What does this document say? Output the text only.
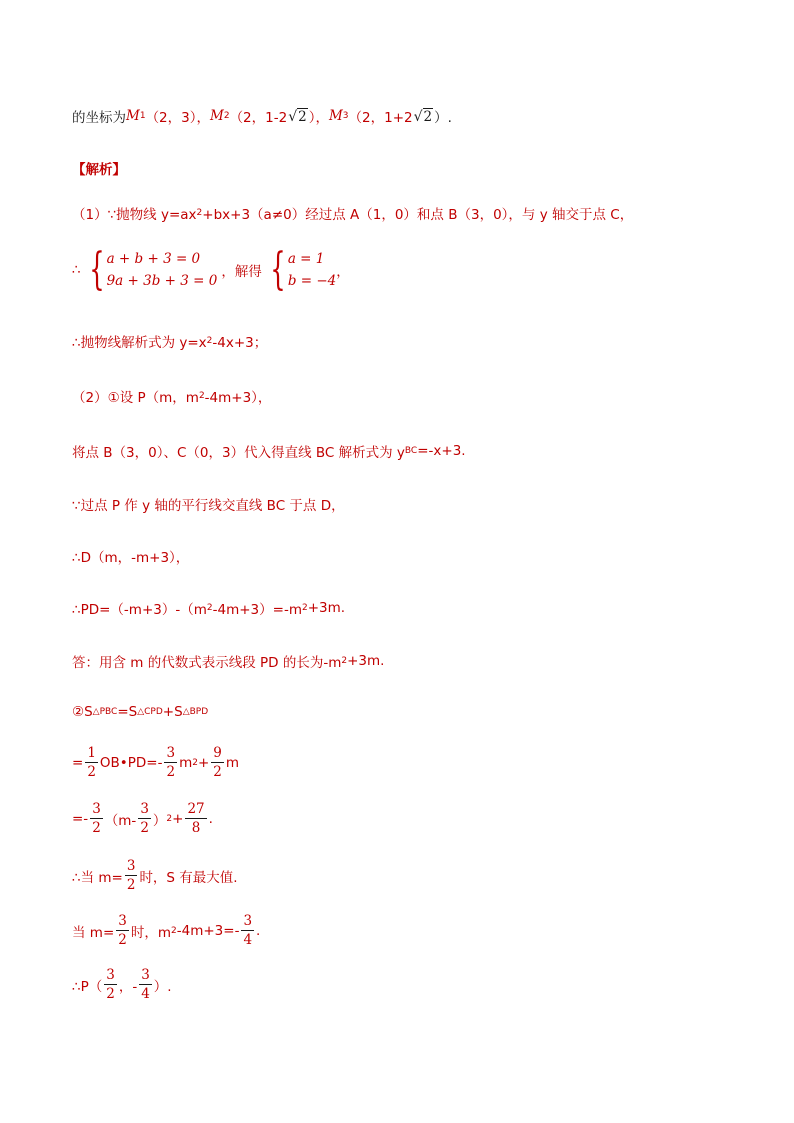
的坐标为 M 1 （2，3）， M 2 （2，1-2 √ 2 ）， M 3 （2，1+2 √ 2 ）.
【解析】
（1）∵抛物线 y=ax 2 +bx+3（a≠0）经过点 A（1，0）和点 B（3，0），与 y 轴交于点 C，
∴ { a + b + 3 = 0
9a + 3b + 3 = 0
，解得 { a = 1
b = −4
，
∴抛物线解析式为 y=x 2 -4x+3；
（2）①设 P（m，m 2 -4m+3），
将点 B（3，0）、C（0，3）代入得直线 BC 解析式为 y BC =-x+3.
∵过点 P 作 y 轴的平行线交直线 BC 于点 D，
∴D（m，-m+3），
∴PD=（-m+3）-（m 2 -4m+3）=-m 2 +3m.
答：用含 m 的代数式表示线段 PD 的长为-m 2 +3m.
②S △PBC =S △CPD +S △BPD
= $\frac{1}{2}$ OB•PD=- $\frac{3}{2}$ m $2 + \frac{9}{2}$ m
=- $\frac{3}{2} (m- \frac{3}{2}$ ） $2 + \frac{27}{8}$ .
∴当 $m= \frac{3}{2}$ 时，S 有最大值.
当 $m= \frac{3}{2}$ 时，m 2 $-4m+3=- \frac{3}{4}$ .
∴P（ $\frac{3}{2}$ ，- $\frac{3}{4}$ ）.
